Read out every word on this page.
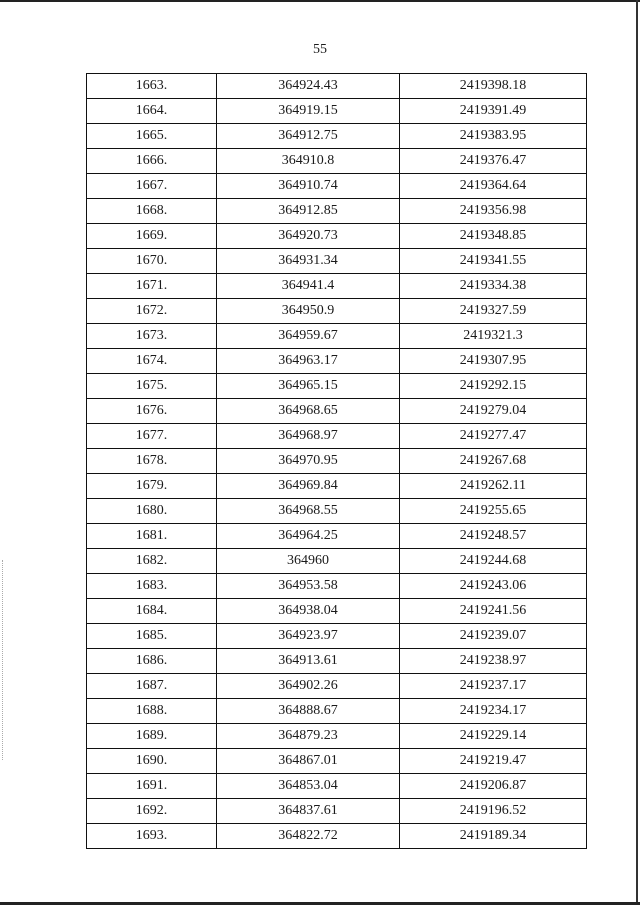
55
1663.	364924.43	2419398.18
1664.	364919.15	2419391.49
1665.	364912.75	2419383.95
1666.	364910.8	2419376.47
1667.	364910.74	2419364.64
1668.	364912.85	2419356.98
1669.	364920.73	2419348.85
1670.	364931.34	2419341.55
1671.	364941.4	2419334.38
1672.	364950.9	2419327.59
1673.	364959.67	2419321.3
1674.	364963.17	2419307.95
1675.	364965.15	2419292.15
1676.	364968.65	2419279.04
1677.	364968.97	2419277.47
1678.	364970.95	2419267.68
1679.	364969.84	2419262.11
1680.	364968.55	2419255.65
1681.	364964.25	2419248.57
1682.	364960	2419244.68
1683.	364953.58	2419243.06
1684.	364938.04	2419241.56
1685.	364923.97	2419239.07
1686.	364913.61	2419238.97
1687.	364902.26	2419237.17
1688.	364888.67	2419234.17
1689.	364879.23	2419229.14
1690.	364867.01	2419219.47
1691.	364853.04	2419206.87
1692.	364837.61	2419196.52
1693.	364822.72	2419189.34
